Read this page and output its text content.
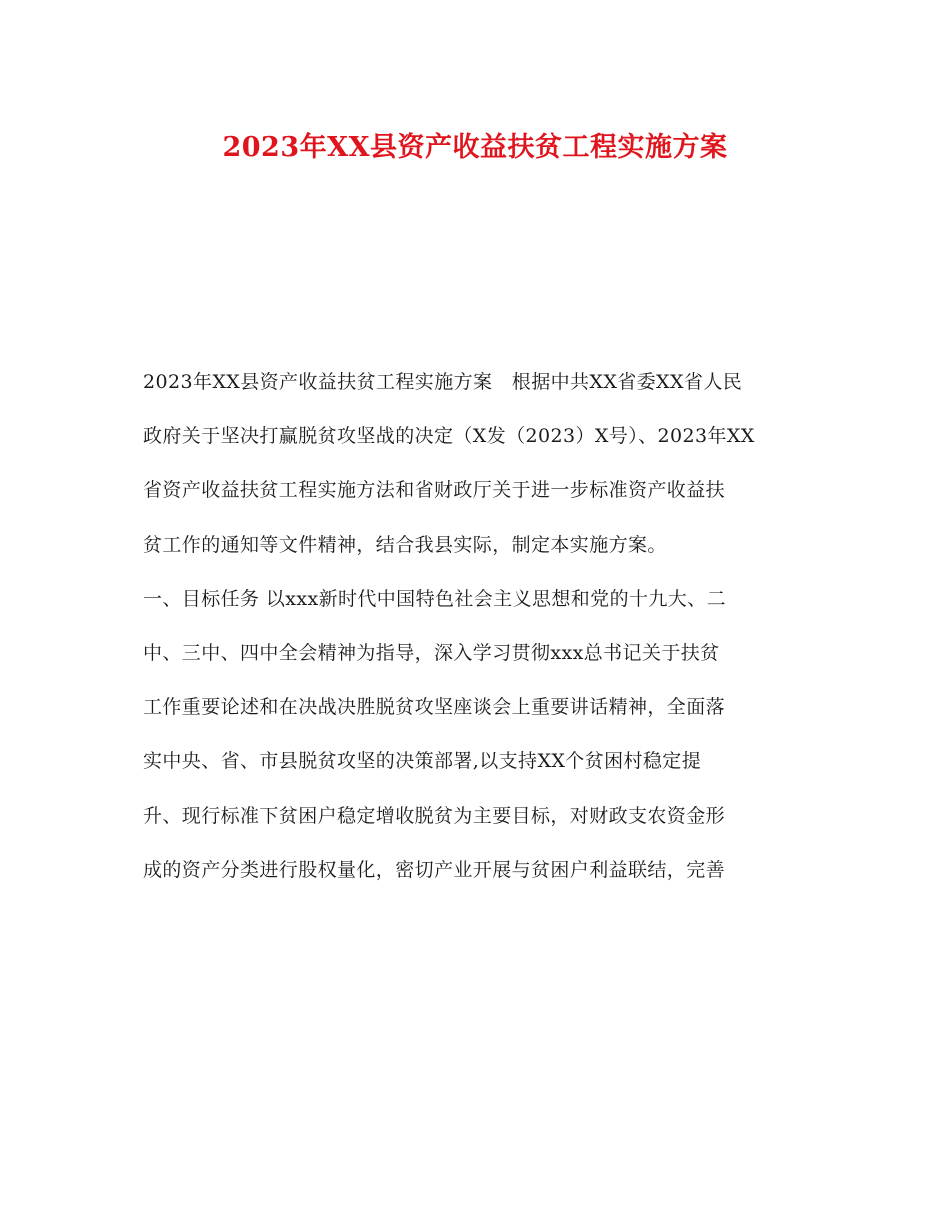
2023年XX县资产收益扶贫工程实施方案
2023年XX县资产收益扶贫工程实施方案　根据中共XX省委XX省人民
政府关于坚决打赢脱贫攻坚战的决定（X发（2023）X号）、2023年XX
省资产收益扶贫工程实施方法和省财政厅关于进一步标准资产收益扶
贫工作的通知等文件精神，结合我县实际，制定本实施方案。
一、目标任务 以xxx新时代中国特色社会主义思想和党的十九大、二
中、三中、四中全会精神为指导，深入学习贯彻xxx总书记关于扶贫
工作重要论述和在决战决胜脱贫攻坚座谈会上重要讲话精神，全面落
实中央、省、市县脱贫攻坚的决策部署,以支持XX个贫困村稳定提
升、现行标准下贫困户稳定增收脱贫为主要目标，对财政支农资金形
成的资产分类进行股权量化，密切产业开展与贫困户利益联结，完善
